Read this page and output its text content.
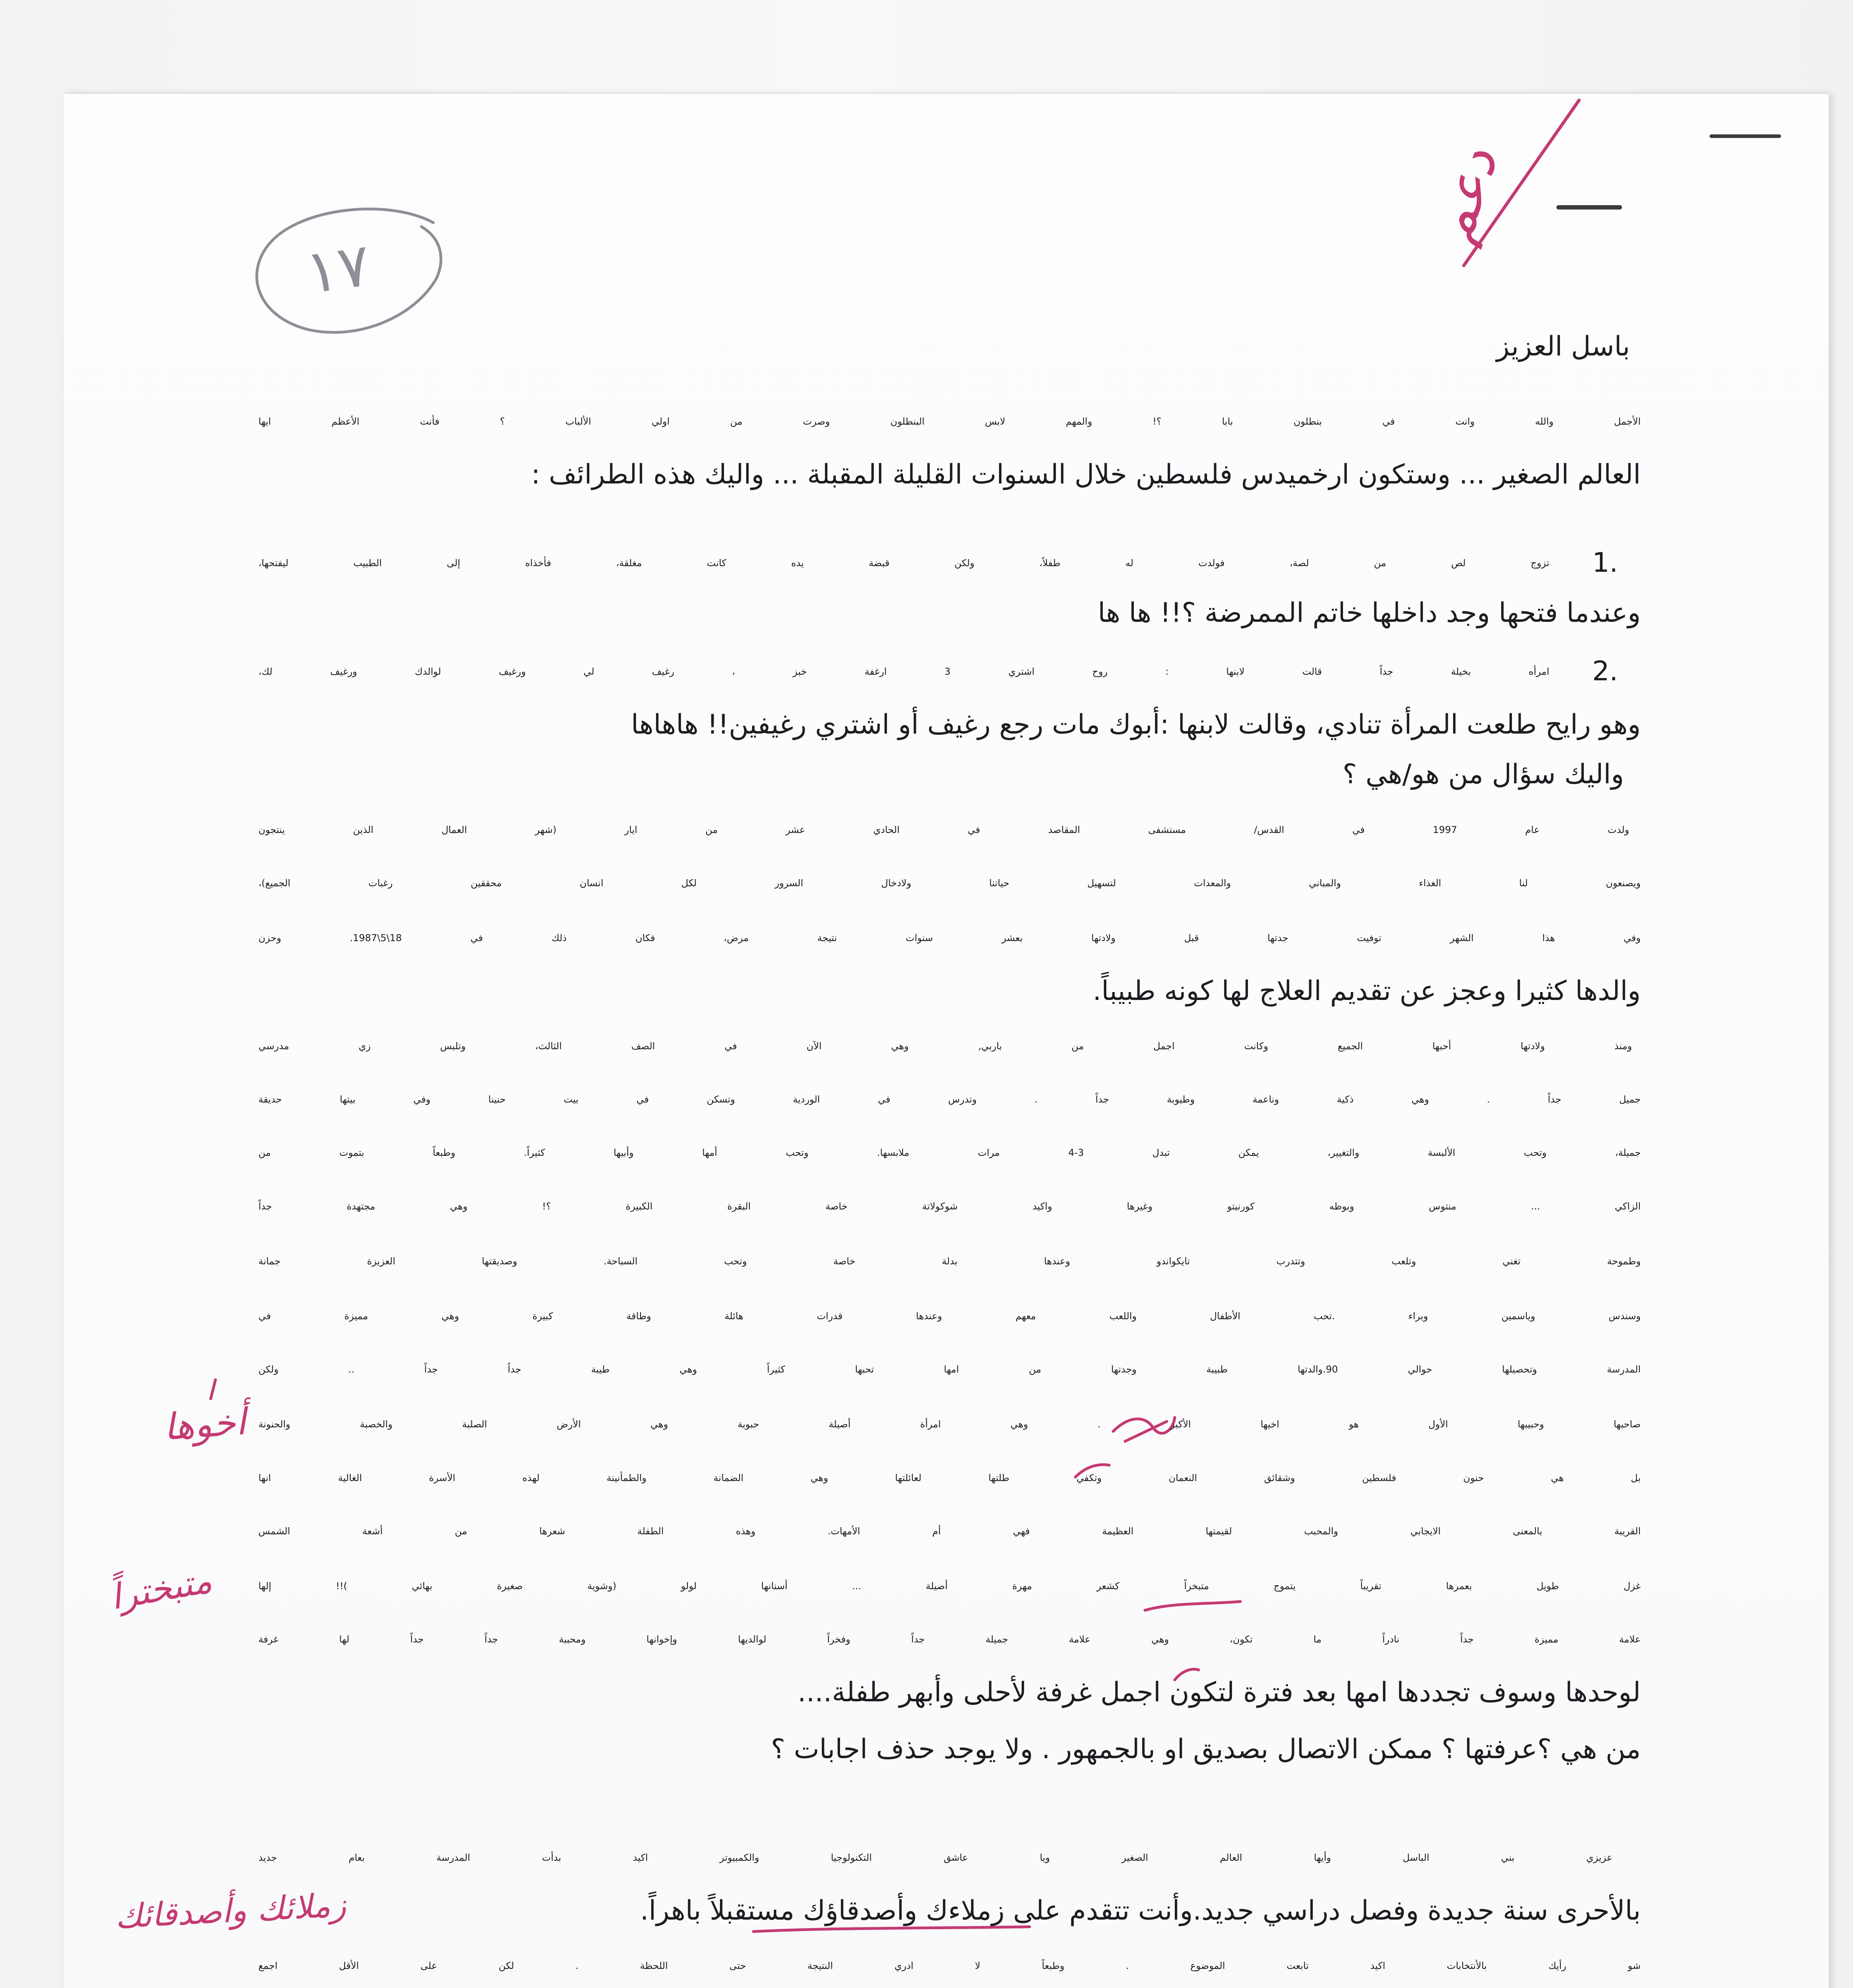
١٧
دعم
باسل العزيز
الأجمل والله وانت في بنطلون بابا ؟! والمهم لابس البنطلون وصرت من اولي الألباب ؟ فأنت الأعظم ايها
العالم الصغير ... وستكون ارخميدس فلسطين خلال السنوات القليلة المقبلة ... واليك هذه الطرائف :
1.
تزوج لص من لصة، فولدت له طفلاً، ولكن قبضة يده كانت مغلقة، فأخذاه إلى الطبيب ليفتحها،
وعندما فتحها وجد داخلها خاتم الممرضة ؟!! ها ها
2.
امرأه بخيلة جداً قالت لابنها : روح اشتري 3 ارغفة خبز ، رغيف لي ورغيف لوالدك ورغيف لك،
وهو رايح طلعت المرأة تنادي، وقالت لابنها :أبوك مات رجع رغيف أو اشتري رغيفين!! هاهاها
واليك سؤال من هو/هي ؟
ولدت عام 1997 في القدس/ مستشفى المقاصد في الحادي عشر من ايار (شهر العمال الذين ينتجون
ويصنعون لنا الغذاء والمباني والمعدات لتسهيل حياتنا ولادخال السرور لكل انسان محققين رغبات الجميع)،
وفي هذا الشهر توفيت جدتها قبل ولادتها بعشر سنوات نتيجة مرض، فكان ذلك في 18\5\1987. وحزن
والدها كثيرا وعجز عن تقديم العلاج لها كونه طبيباً.
ومنذ ولادتها أحبها الجميع وكانت اجمل من باربي, وهي الآن في الصف الثالث، وتلبس زي مدرسي
جميل جداً . وهي ذكية وناعمة وطيوبة جداً . وتدرس في الوردية وتسكن في بيت حنينا وفي بيتها حديقة
جميلة، وتحب الألبسة والتغيير، يمكن تبدل 3-4 مرات ملابسها. وتحب أمها وأبيها كثيراً. وطبعاً بتموت من
الزاكي ... منتوس وبوظه كورنيتو وغيرها واكيد شوكولاتة خاصة البقرة الكبيرة ؟! وهي مجتهدة جداً
وطموحة تغني وتلعب وتتدرب تايكواندو وعندها بدلة خاصة وتحب السباحة. وصديقتها العزيزة جمانة
وسندس وياسمين وبراء .تحب الأطفال واللعب معهم وعندها قدرات هائلة وطاقة كبيرة وهي مميزة في
المدرسة وتحصيلها حوالي 90.والدتها طبيبة وجدتها من امها تحبها كثيراً وهي طيبة جداً جداً .. ولكن
صاحبها وحبيبها الأول هو اخيها الأكبر . وهي امرأة أصيلة حبوبة وهي الأرض الصلبة والخصبة والحنونة
بل هي حنون فلسطين وشقائق النعمان وتكفي طلتها لعائلتها وهي الضمانة والطمأنينة لهذه الأسرة الغالية انها
القريبة بالمعنى الايجابي والمحبب لقيمتها العظيمة فهي أم الأمهات. وهذه الطفلة شعرها من أشعة الشمس
غزل طويل بعمرها تقريباً يتموج متبخراً كشعر مهرة أصيلة ... أسنانها لولو (وشوية صغيرة بهائي )!! إلها
علامة مميزة جداً نادراً ما تكون، وهي علامة جميلة جداً وفخراً لوالديها وإخوانها ومحببة جداً جداً لها غرفة
لوحدها وسوف تجددها امها بعد فترة لتكون اجمل غرفة لأحلى وأبهر طفلة....
من هي ؟عرفتها ؟ ممكن الاتصال بصديق او بالجمهور . ولا يوجد حذف اجابات ؟
عزيزي بني الباسل وأيها العالم الصغير ويا عاشق التكنولوجيا والكمبيوتر اكيد بدأت المدرسة بعام جديد
بالأحرى سنة جديدة وفصل دراسي جديد.وأنت تتقدم على زملاءك وأصدقاؤك مستقبلاً باهراً.
شو رأيك بالأنتخابات اكيد تابعت الموضوع . وطبعاً لا ادري النتيجة حتى اللحظة . لكن على الأقل اجمع
أخوها
متبختراً
زملائك وأصدقائك
